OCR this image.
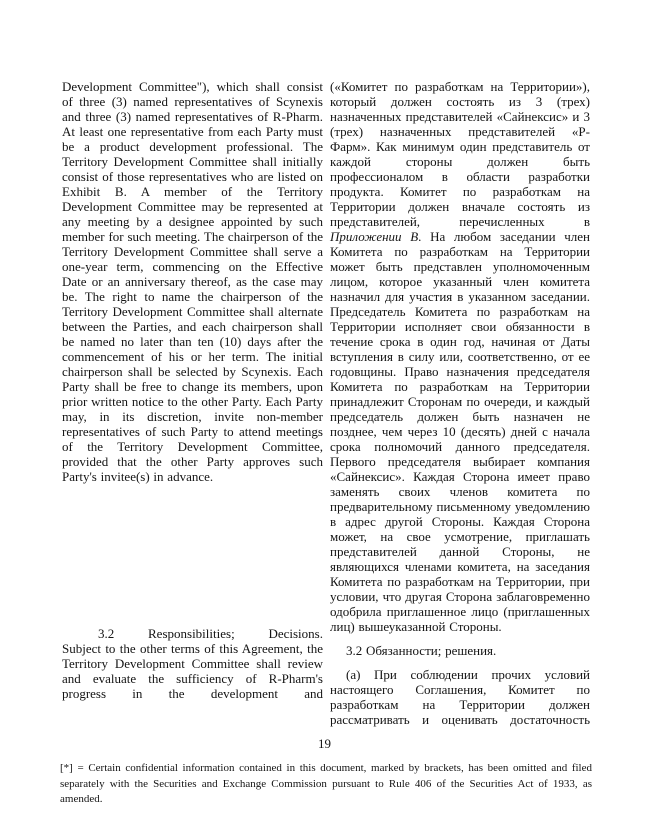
Development Committee"), which shall consist of three (3) named representatives of Scynexis and three (3) named representatives of R-Pharm. At least one representative from each Party must be a product development professional. The Territory Development Committee shall initially consist of those representatives who are listed on Exhibit B. A member of the Territory Development Committee may be represented at any meeting by a designee appointed by such member for such meeting. The chairperson of the Territory Development Committee shall serve a one-year term, commencing on the Effective Date or an anniversary thereof, as the case may be. The right to name the chairperson of the Territory Development Committee shall alternate between the Parties, and each chairperson shall be named no later than ten (10) days after the commencement of his or her term. The initial chairperson shall be selected by Scynexis. Each Party shall be free to change its members, upon prior written notice to the other Party. Each Party may, in its discretion, invite non-member representatives of such Party to attend meetings of the Territory Development Committee, provided that the other Party approves such Party's invitee(s) in advance.

3.2	Responsibilities;	Decisions.

Subject to the other terms of this Agreement, the Territory Development Committee shall review and evaluate the sufficiency of R-Pharm's progress in the development and

(«Комитет по разработкам на Территории»), который должен состоять из 3 (трех) назначенных представителей «Сайнексис» и 3 (трех) назначенных представителей «Р-Фарм». Как минимум один представитель от каждой стороны должен быть профессионалом в области разработки продукта. Комитет по разработкам на Территории должен вначале состоять из представителей, перечисленных в Приложении В. На любом заседании член Комитета по разработкам на Территории может быть представлен уполномоченным лицом, которое указанный член комитета назначил для участия в указанном заседании. Председатель Комитета по разработкам на Территории исполняет свои обязанности в течение срока в один год, начиная от Даты вступления в силу или, соответственно, от ее годовщины. Право назначения председателя Комитета по разработкам на Территории принадлежит Сторонам по очереди, и каждый председатель должен быть назначен не позднее, чем через 10 (десять) дней с начала срока полномочий данного председателя. Первого председателя выбирает компания «Сайнексис». Каждая Сторона имеет право заменять своих членов комитета по предварительному письменному уведомлению в адрес другой Стороны. Каждая Сторона может, на свое усмотрение, приглашать представителей данной Стороны, не являющихся членами комитета, на заседания Комитета по разработкам на Территории, при условии, что другая Сторона заблаговременно одобрила приглашенное лицо (приглашенных лиц) вышеуказанной Стороны.

3.2 Обязанности; решения.

(а) При соблюдении прочих условий настоящего Соглашения, Комитет по разработкам на Территории должен рассматривать и оценивать достаточность

19
[*] = Certain confidential information contained in this document, marked by brackets, has been omitted and filed separately with the Securities and Exchange Commission pursuant to Rule 406 of the Securities Act of 1933, as amended.
